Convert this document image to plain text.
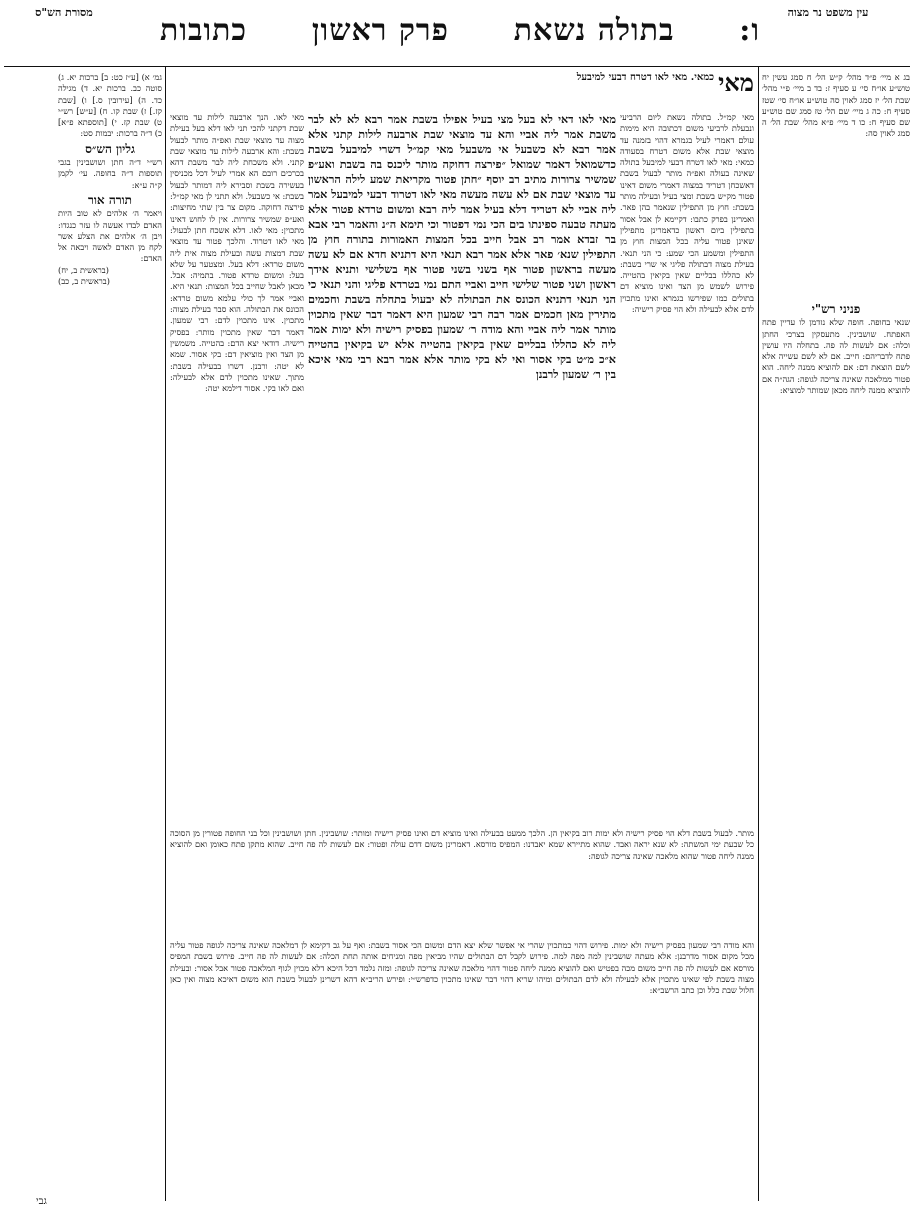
עין משפט נר מצוה
מסורת הש"ס	ו:
בתולה נשאת
פרק ראשון
כתובות
בג א מיי׳ פ״ד מהל׳ ק״ש הל׳ ח סמג עשין יח טוש״ע או״ח סי׳ ע סעיף ז: בד ב מיי׳ פ״י מהל׳ שבת הל׳ יז סמג לאוין סה טוש״ע או״ח סי׳ שטז סעיף ח: כה ג מיי׳ שם הל׳ טז סמג שם טוש״ע שם סעיף ח: כו ד מיי׳ פ״א מהל׳ שבת הל׳ ה סמג לאוין סה:
פניני רש"י
שנאי בחופה. חופה שלא נזדמן לו עדיין פתח האפתח. שושבינין. מתעסקין בצרכי החתן וכלה: אם לעשות לה פה. בתחלה היו עושין פתח לדבריהם: חייב. אם לא לשם עשייה אלא לשם הוצאת דם: אם להוציא ממנה ליחה. הוא פטור ממלאכה שאינה צריכה לגופה: הגה״ה אם להוציא ממנה ליחה מכאן שמותר למוציא:
גמ׳ א) [ע״ז כט: ב] ברכות יא. ג) סוטה כב. ברכות יא. ד) מגילה כד. ה) [עירובין ס.] ו) [שבת קז.] ז) שבת קו. ח) [ע״ש] רש״י ט) שבת קז. י) [תוספתא פ״א] כ) ד״ה ברכות: יבמות סט:
גליון הש״ס
רש״י ד״ה חתן ושושבינין בגבי תוספות ד״ה בחופה. עי׳ לקמן ק״ה ע״א:
תורה אור
ויאמר ה׳ אלהים לא טוב היות האדם לבדו אעשה לו עזר כנגדו: ויבן ה׳ אלהים את הצלע אשר לקח מן האדם לאשה ויבאה אל האדם:
(בראשית ב, יח)
(בראשית ב, כב)
מאי
כמאי. מאי לאו דטרח דבעי למיבעל
מאי קמ״ל. בתולה נשאת ליום הרביעי ונבעלת לרביעי משום דכתובה היא מימות עולם דאמרי לעיל בגמרא דהוי בזמנה עד מוצאי שבת אלא משום דטרח בסעודה כמאי: מאי לאו דטרח דבעי למיבעל בתולה שאינה בעולה ואפ״ה מותר לבעול בשבת דאשכחן דטריד במצוה דאמרי משום דאינו פטור מק״ש בשבת ומצי בעיל ובעילה מותר בשבת: חוץ מן התפילין שנאמר בהן פאר. ואמרינן בפרק כתבו: דקיימא לן אבל אסור בתפילין ביום ראשון כדאמרינן מתפילין שאינן פטור עליה בכל המצות חוץ מן התפילין ומשמע הכי שמע: כי הני תנאי. בעילת מצוה דבתולה פליגי אי שרי בשבת: לא כהללו בבליים שאין בקיאין בהטייה. פירוש לשמש מן הצד ואינו מוציא דם בתולים כמו שפירשו בגמרא ואינו מתכוין לדם אלא לבעילה ולא הוי פסיק רישיה:
מאי לאו. הנך ארבעה לילות עד מוצאי שבת דקתני להכי תני לאו דלא בעל בעילת מצוה עד מוצאי שבת ואפ״ה מותר לבעול בשבת: והא ארבעה לילות עד מוצאי שבת קתני. ולא משכחת ליה לבר משבת דהא בכרכים רובם הא אמרי לעיל דכל מכניסין בעשירה בשבת וסבירא ליה דמותר לבעול בשבת: אי כשבעל. ולא תתני לן מאי קמ״ל: פירצה דחוקה. מקום צר בין שתי מחיצות: ואע״פ שמשיר צרורות. אין לו לחוש דאינו מתכוין: מאי לאו. דלא אשכח חתן לבעול: מאי לאו דטרוד. והלכך פטור עד מוצאי שבת דמצות עשה ובעילת מצוה אית ליה משום טרדא: דלא בעל. ומצטער על שלא בעל: ומשום טרדא פטור. בתמיה: אבל. מכאן לאבל שחייב בכל המצות: תנאי היא. ואביי אמר לך כולי עלמא משום טרדא: הכונס את הבתולה. הוא סבר בעילת מצוה: מתכוין. אינו מתכוין לדם: רבי שמעון. דאמר דבר שאין מתכוין מותר: בפסיק רישיה. דודאי יצא הדם: בהטייה. משמשין מן הצד ואין מוציאין דם: בקי אסור. שמא לא יטה: ורבנן. דשרו בבעילה בשבת: מתוך. שאינו מתכוין לדם אלא לבעילה: ואם לאו בקי. אסור דילמא יטה:
מאי לאו דאי לא בעל מצי בעיל אפילו בשבת אמר רבא לא לא לבר משבת אמר ליה אביי והא עד מוצאי שבת ארבעה לילות קתני אלא אמר רבא לא כשבעל אי משבעל מאי קמ״ל דשרי למיבעל בשבת כדשמואל דאמר שמואל ״פירצה דחוקה מותר ליכנס בה בשבת ואע״פ שמשיר צרורות מתיב רב יוסף ״חתן פטור מקריאת שמע לילה הראשון עד מוצאי שבת אם לא עשה מעשה מאי לאו דטרוד דבעי למיבעל אמר ליה אביי לא דטריד דלא בעיל אמר ליה רבא ומשום טרדא פטור אלא מעתה טבעה ספינתו בים הכי נמי דפטור וכי תימא ה״נ והאמר רבי אבא בר זבדא אמר רב אבל חייב בכל המצות האמורות בתורה חוץ מן התפילין שנא׳ פאר אלא אמר רבא תנאי היא דתניא חדא אם לא עשה מעשה בראשון פטור אף בשני בשני פטור אף בשלישי ותניא אידך ראשון ושני פטור שלישי חייב ואביי התם נמי בטרדא פליגי והני תנאי כי הני תנאי דתניא הכונס את הבתולה לא יבעול בתחלה בשבת וחכמים מתירין מאן חכמים אמר רבה רבי שמעון היא דאמר דבר שאין מתכוין מותר אמר ליה אביי והא מודה ר׳ שמעון בפסיק רישיה ולא ימות אמר ליה לא כהללו בבליים שאין בקיאין בהטייה אלא יש בקיאין בהטייה א״כ מ״ט בקי אסור ואי לא בקי מותר אלא אמר רבא רבי מאי איכא בין ר׳ שמעון לרבנן
מותר. לבעול בשבת דלא הוי פסיק רישיה ולא ימות רוב בקיאין הן. הלכך ממעט בבעילה ואינו מוציא דם ואינו פסיק רישיה ומותר: שושבינין. חתן ושושבינין וכל בני החופה פטורין מן הסוכה כל שבעת ימי המשתה: לא שנא יראה ואבד. שהוא מתיירא שמא יאבדנו: המפיס מורסא. דאמרינן משום דדם עולה ופטור: אם לעשות לה פה חייב. שהוא מתקן פתח כאומן ואם להוציא ממנה ליחה פטור שהוא מלאכה שאינה צריכה לגופה:
והא מודה רבי שמעון בפסיק רישיה ולא ימות. פירוש דהוי כמתכוין שהרי אי אפשר שלא יצא הדם ומשום הכי אסור בשבת: ואף על גב דקימא לן דמלאכה שאינה צריכה לגופה פטור עליה מכל מקום אסור מדרבנן: אלא מעתה שושבינין למה מפה למה. פירוש לקבל דם הבתולים שהיו מביאין מפה ומניחים אותה תחת הכלה: אם לעשות לה פה חייב. פירוש בשבת המפיס מורסא אם לעשות לה פה חייב משום מכה בפטיש ואם להוציא ממנה ליחה פטור דהוי מלאכה שאינה צריכה לגופה: ומזה נלמד דכל היכא דלא מכוין לגוף המלאכה פטור אבל אסור: ובעילת מצוה בשבת לפי שאינו מתכוין אלא לבעילה ולא לדם הבתולים ומיהו שריא דהוי דבר שאינו מתכוין כדפרש״י: ופירש הריב״א דהא דשרינן לבעול בשבת הוא משום דאיכא מצוה ואין כאן חלול שבת כלל וכן כתב הרשב״א:
גבי
